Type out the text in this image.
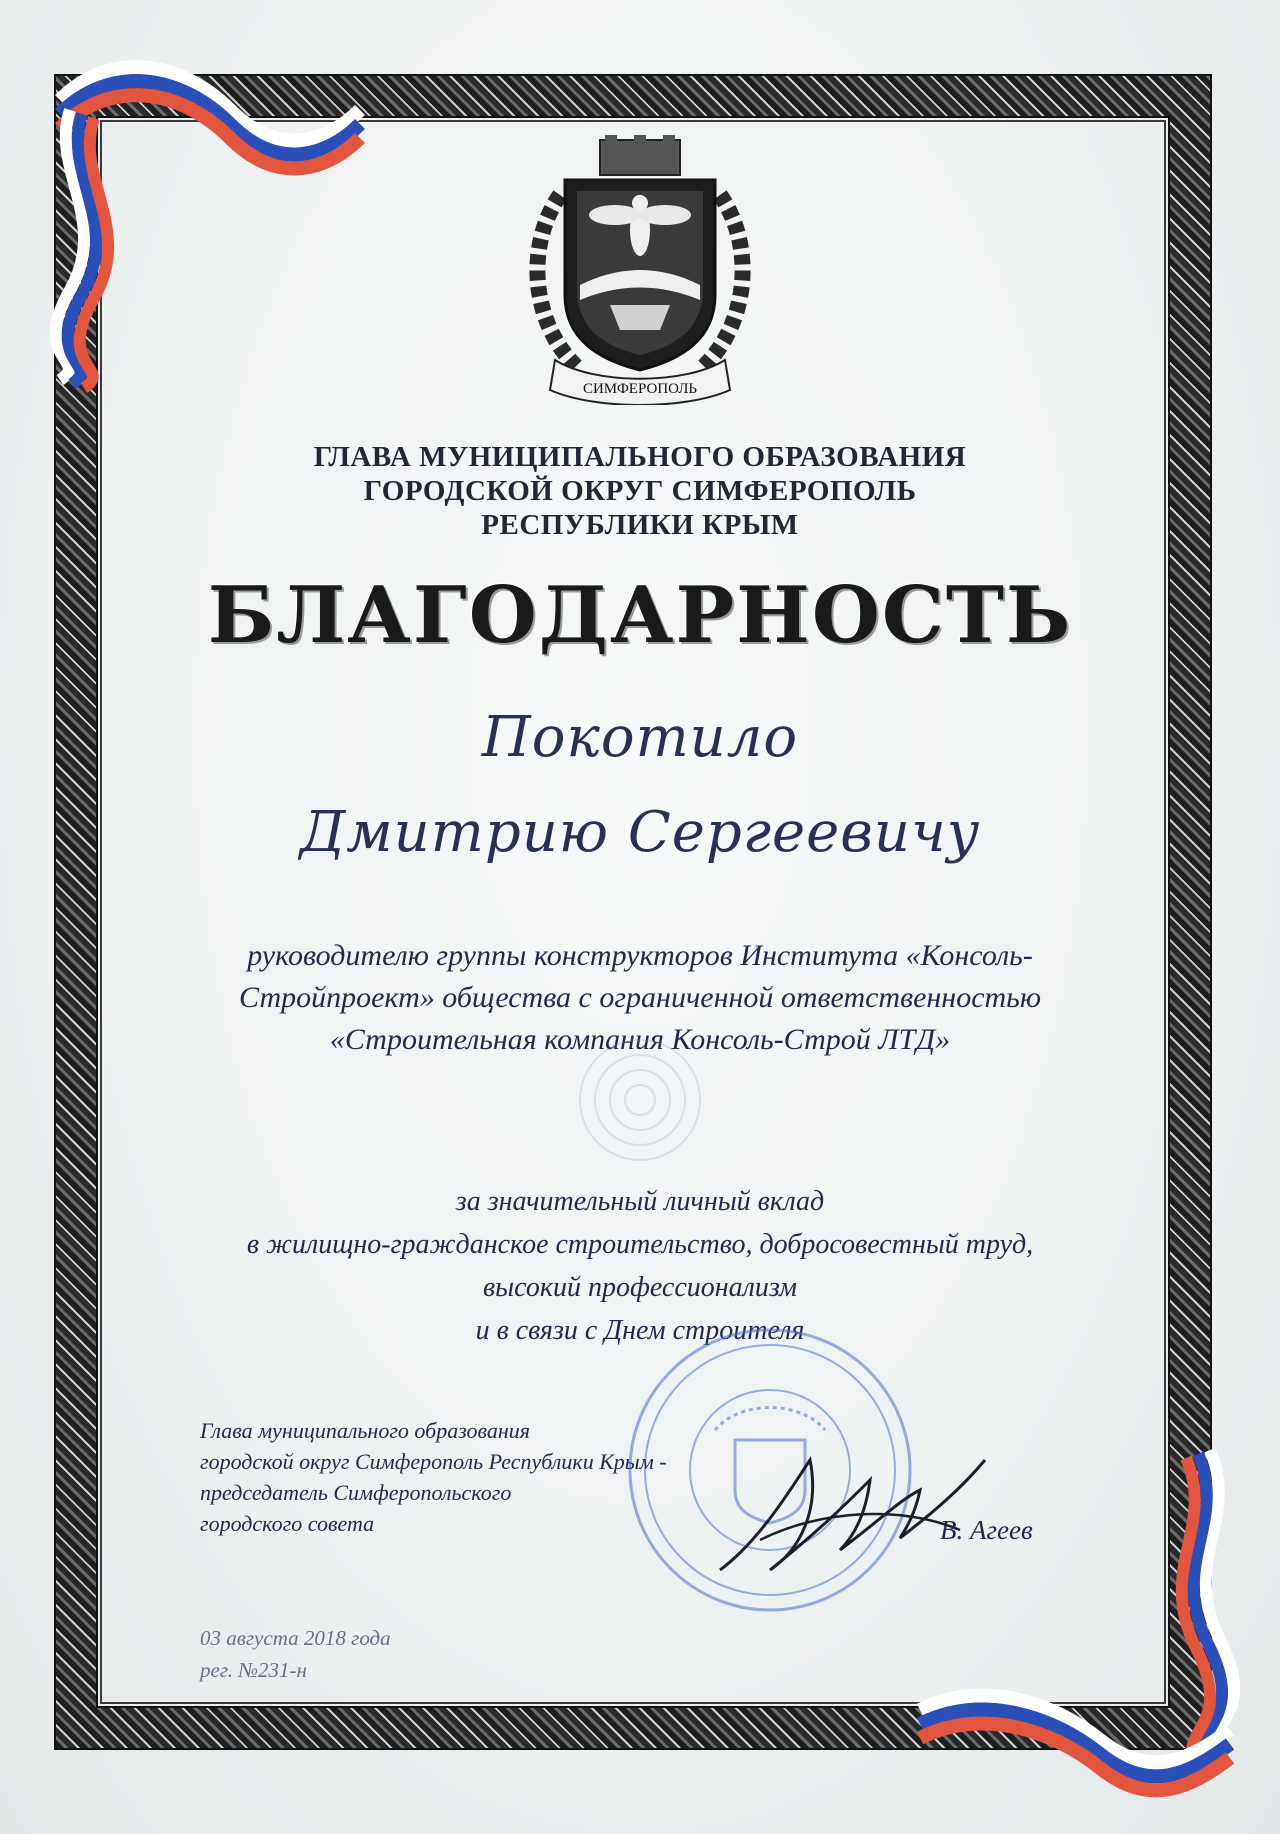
СИМФЕРОПОЛЬ
ГЛАВА МУНИЦИПАЛЬНОГО ОБРАЗОВАНИЯ
ГОРОДСКОЙ ОКРУГ СИМФЕРОПОЛЬ
РЕСПУБЛИКИ КРЫМ
БЛАГОДАРНОСТЬ
Покотило
Дмитрию Сергеевичу
руководителю группы конструкторов Института «Консоль-
Стройпроект» общества с ограниченной ответственностью
«Строительная компания Консоль-Строй ЛТД»
за значительный личный вклад
в жилищно-гражданское строительство, добросовестный труд,
высокий профессионализм
и в связи с Днем строителя
Глава муниципального образования
городской округ Симферополь Республики Крым -
председатель Симферопольского
городского совета	В. Агеев
03 августа 2018 года
рег. №231-н
